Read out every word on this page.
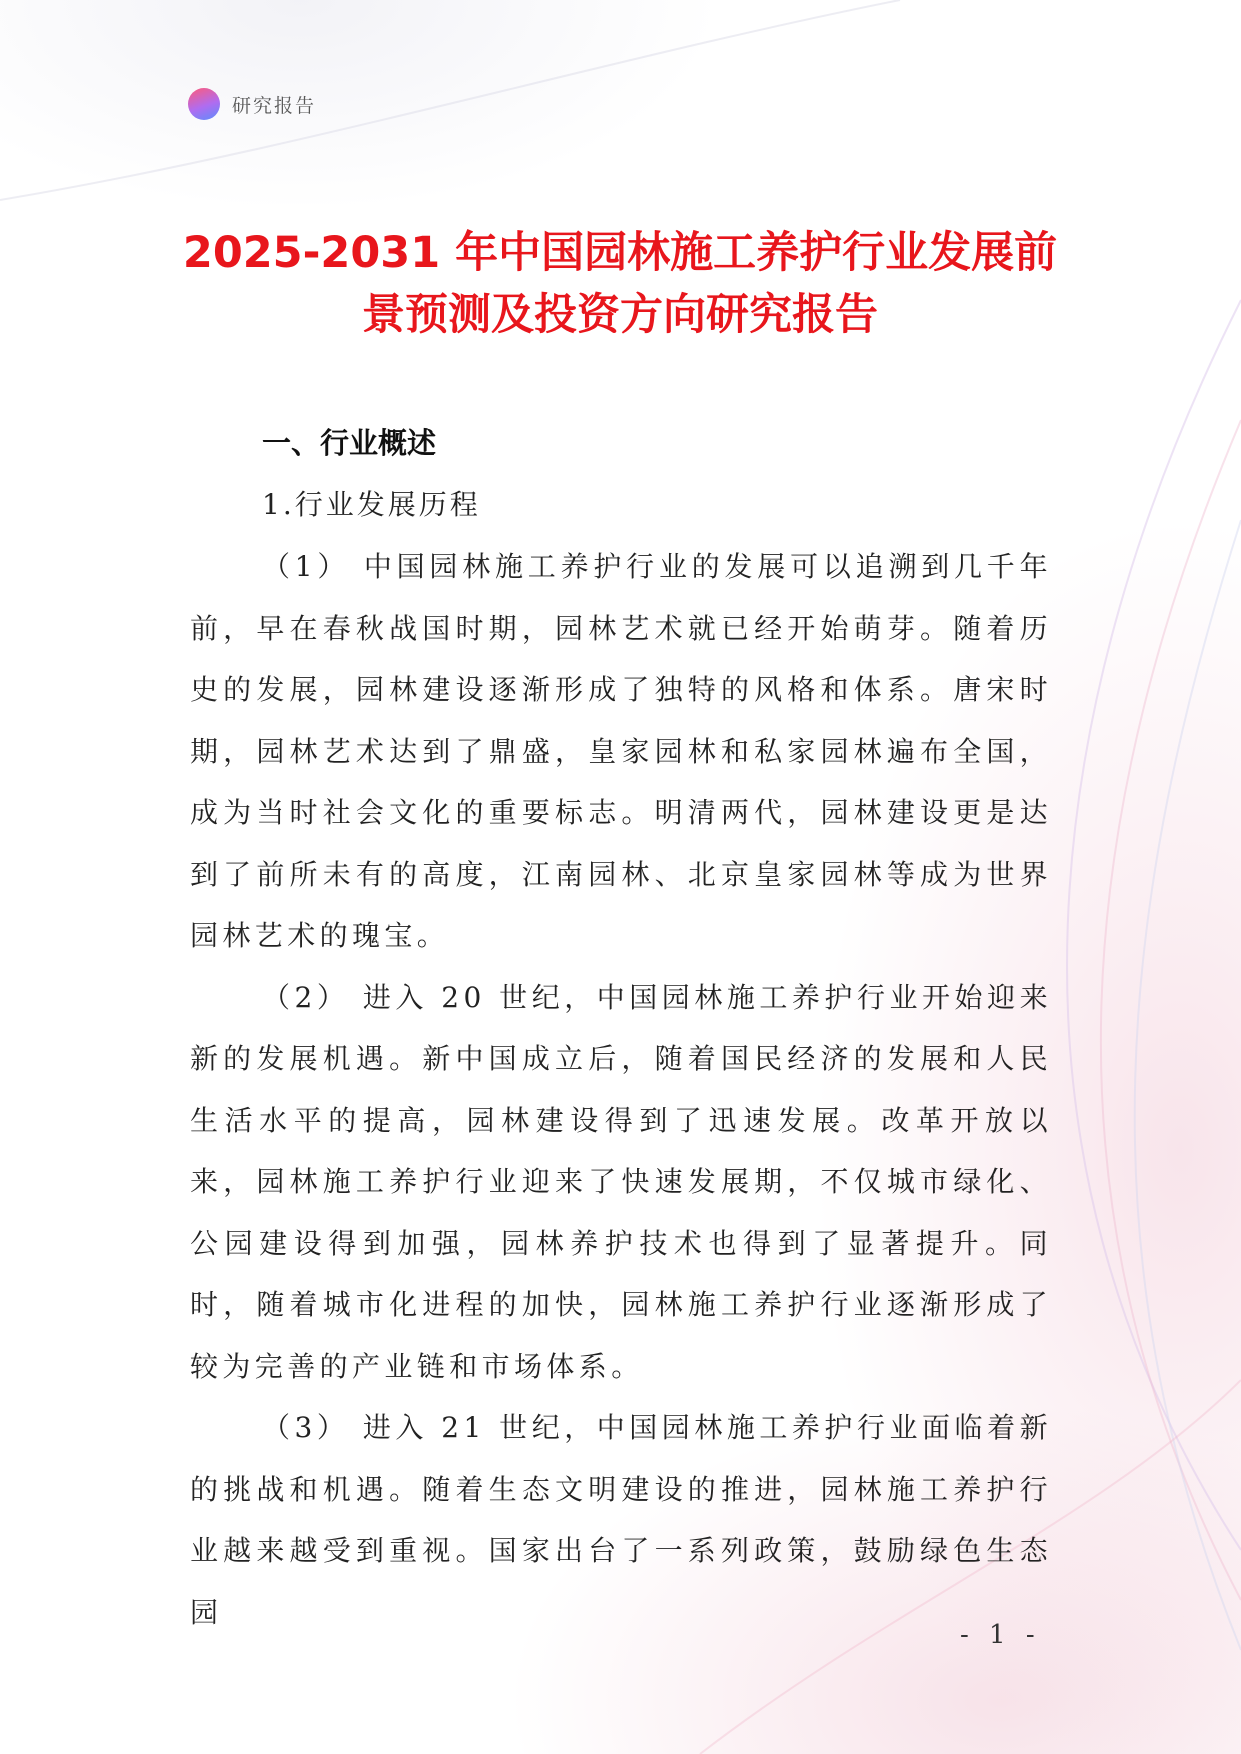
研究报告
2025-2031 年中国园林施工养护行业发展前
景预测及投资方向研究报告
一、行业概述
1.行业发展历程

（1） 中国园林施工养护行业的发展可以追溯到几千年前，早在春秋战国时期，园林艺术就已经开始萌芽。随着历史的发展，园林建设逐渐形成了独特的风格和体系。唐宋时期，园林艺术达到了鼎盛，皇家园林和私家园林遍布全国，成为当时社会文化的重要标志。明清两代，园林建设更是达到了前所未有的高度，江南园林、北京皇家园林等成为世界园林艺术的瑰宝。

（2） 进入 20 世纪，中国园林施工养护行业开始迎来新的发展机遇。新中国成立后，随着国民经济的发展和人民生活水平的提高，园林建设得到了迅速发展。改革开放以来，园林施工养护行业迎来了快速发展期，不仅城市绿化、公园建设得到加强，园林养护技术也得到了显著提升。同时，随着城市化进程的加快，园林施工养护行业逐渐形成了较为完善的产业链和市场体系。

（3） 进入 21 世纪，中国园林施工养护行业面临着新的挑战和机遇。随着生态文明建设的推进，园林施工养护行业越来越受到重视。国家出台了一系列政策，鼓励绿色生态园

- 1 -
